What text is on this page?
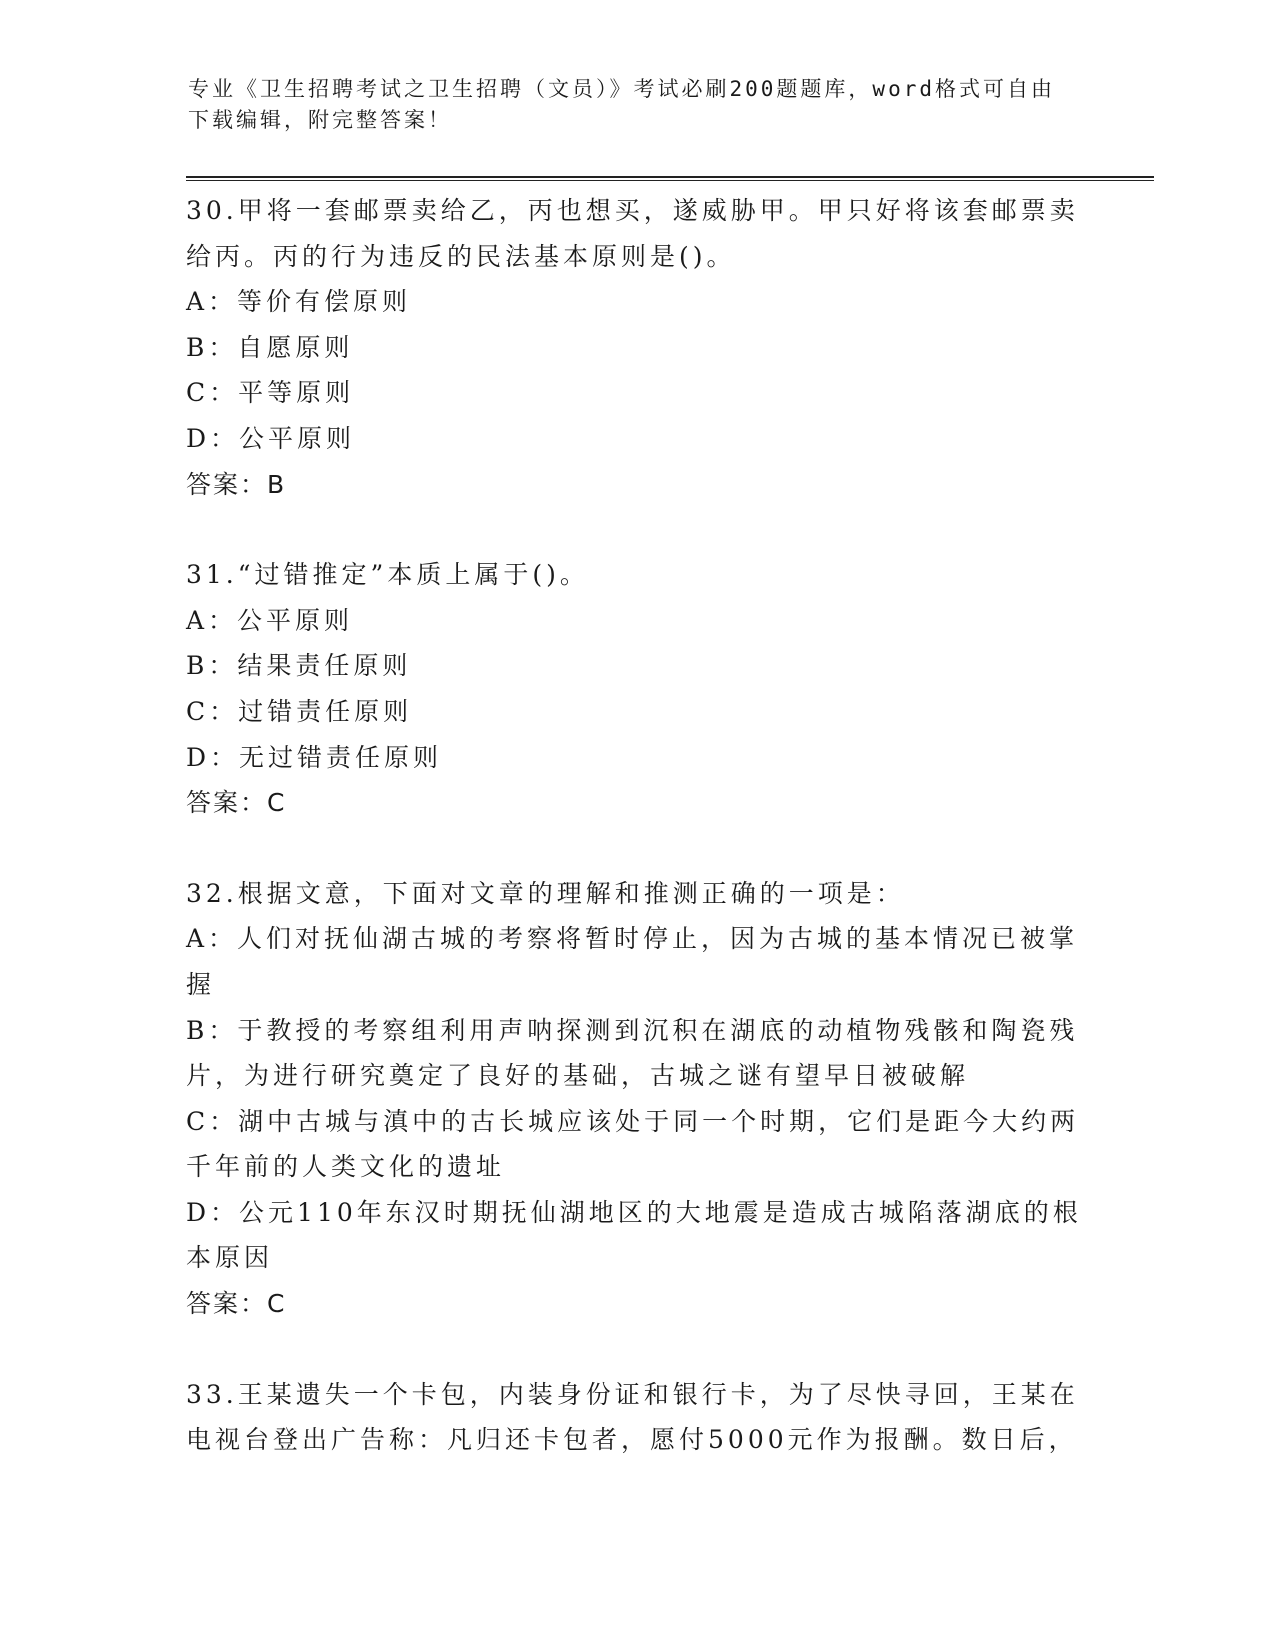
专业《卫生招聘考试之卫生招聘（文员）》考试必刷200题题库，word格式可自由下载编辑，附完整答案！

30.甲将一套邮票卖给乙，丙也想买，遂威胁甲。甲只好将该套邮票卖给丙。丙的行为违反的民法基本原则是()。

A：等价有偿原则
B：自愿原则
C：平等原则
D：公平原则

答案：B

31.“过错推定”本质上属于()。

A：公平原则
B：结果责任原则
C：过错责任原则
D：无过错责任原则

答案：C

32.根据文意，下面对文章的理解和推测正确的一项是：

A：人们对抚仙湖古城的考察将暂时停止，因为古城的基本情况已被掌握
B：于教授的考察组利用声呐探测到沉积在湖底的动植物残骸和陶瓷残片，为进行研究奠定了良好的基础，古城之谜有望早日被破解
C：湖中古城与滇中的古长城应该处于同一个时期，它们是距今大约两千年前的人类文化的遗址
D：公元110年东汉时期抚仙湖地区的大地震是造成古城陷落湖底的根本原因

答案：C

33.王某遗失一个卡包，内装身份证和银行卡，为了尽快寻回，王某在电视台登出广告称：凡归还卡包者，愿付5000元作为报酬。数日后，
